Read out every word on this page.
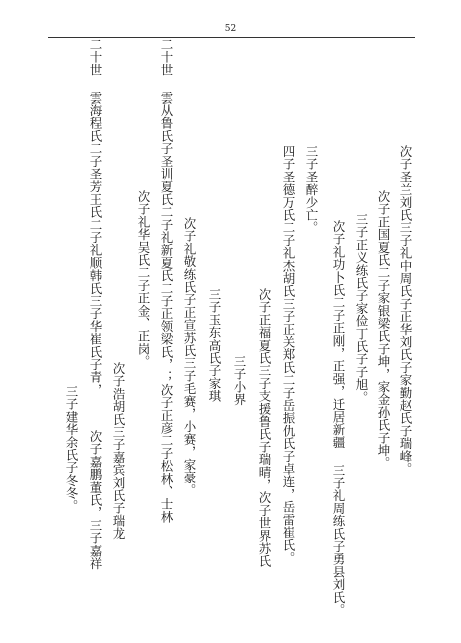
52
次子圣兰刘氏三子礼中周氏子正华刘氏子家勤赵氏子瑞峰。
次子正国夏氏二子家银梁氏子坤，家金孙氏子坤。
三子正义练氏子家俭丁氏子子旭。
次子礼功卜氏二子正刚，正强，迁居新疆 三子礼周练氏子勇县刘氏。
三子圣醉少亡。
四子圣德万氏二子礼杰胡氏三子正关郑氏二子岳振仇氏子卓连，岳雷崔氏。
次子正福夏氏三子支援鲁氏子瑞晴，次子世界苏氏
三子小界
三子玉东高氏子家琪
次子礼敬练氏子正宣苏氏三子毛赛，小赛，家豪。
二十世 雲从鲁氏子圣训夏氏二子礼新夏氏二子正领梁氏，；次子正彦二子松林、士林
次子礼华吴氏二子正金、正岗。
次子浩胡氏三子嘉宾刘氏子瑞龙
二十世 雲海程氏二子圣芳王氏二子礼顺韩氏三子华崔氏子青，
次子嘉鹏董氏，三子嘉祥
三子建华余氏子冬冬。
